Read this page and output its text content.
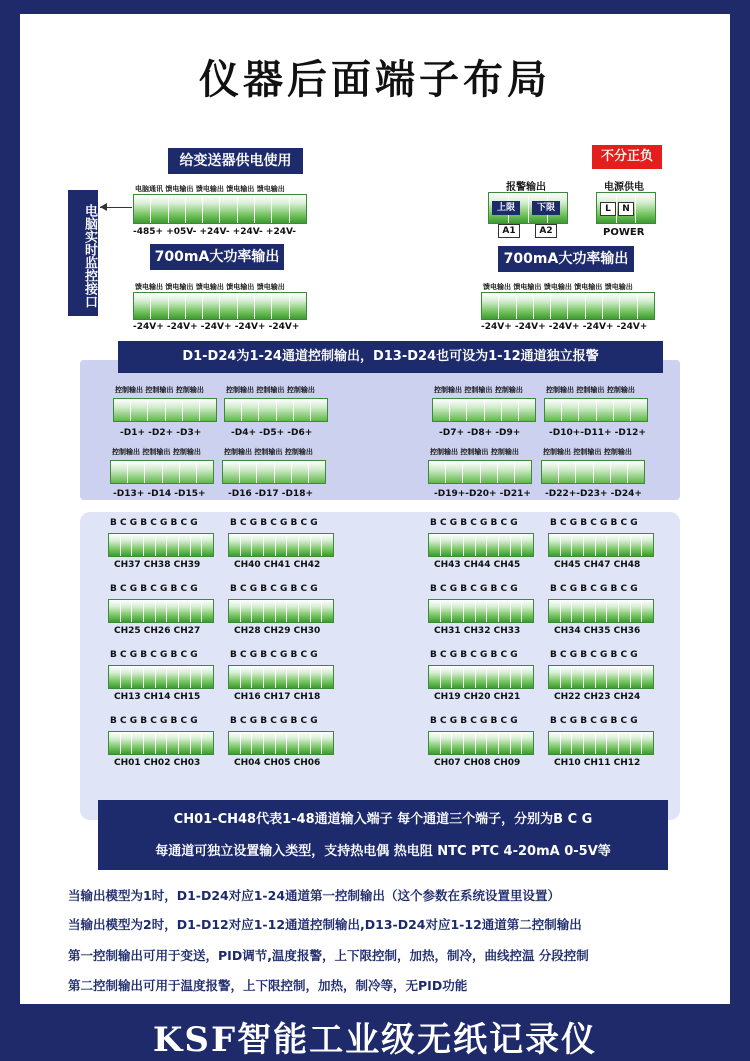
仪器后面端子布局
给变送器供电使用
电脑实时监控接口
电脑通讯 馈电输出 馈电输出 馈电输出 馈电输出
-485+ +05V- +24V- +24V- +24V-
700mA大功率输出
馈电输出 馈电输出 馈电输出 馈电输出 馈电输出
-24V+ -24V+ -24V+ -24V+ -24V+
不分正负
电源供电
L	N
POWER
报警输出
上限	下限
A1	A2
700mA大功率输出
馈电输出 馈电输出 馈电输出 馈电输出 馈电输出
-24V+ -24V+ -24V+ -24V+ -24V+
D1-D24为1-24通道控制输出，D13-D24也可设为1-12通道独立报警
控制输出 控制输出 控制输出
-D1+ -D2+ -D3+
控制输出 控制输出 控制输出
-D4+ -D5+ -D6+
控制输出 控制输出 控制输出
-D7+ -D8+ -D9+
控制输出 控制输出 控制输出
-D10+-D11+ -D12+
控制输出 控制输出 控制输出
-D13+ -D14 -D15+
控制输出 控制输出 控制输出
-D16 -D17 -D18+
控制输出 控制输出 控制输出
-D19+-D20+ -D21+
控制输出 控制输出 控制输出
-D22+-D23+ -D24+
B C G B C G B C G
CH37 CH38 CH39
B C G B C G B C G
CH40 CH41 CH42
B C G B C G B C G
CH43 CH44 CH45
B C G B C G B C G
CH45 CH47 CH48
B C G B C G B C G
CH25 CH26 CH27
B C G B C G B C G
CH28 CH29 CH30
B C G B C G B C G
CH31 CH32 CH33
B C G B C G B C G
CH34 CH35 CH36
B C G B C G B C G
CH13 CH14 CH15
B C G B C G B C G
CH16 CH17 CH18
B C G B C G B C G
CH19 CH20 CH21
B C G B C G B C G
CH22 CH23 CH24
B C G B C G B C G
CH01 CH02 CH03
B C G B C G B C G
CH04 CH05 CH06
B C G B C G B C G
CH07 CH08 CH09
B C G B C G B C G
CH10 CH11 CH12
CH01-CH48代表1-48通道输入端子 每个通道三个端子，分别为B C G
每通道可独立设置输入类型，支持热电偶 热电阻 NTC PTC 4-20mA 0-5V等
当输出模型为1时，D1-D24对应1-24通道第一控制输出（这个参数在系统设置里设置）
当输出模型为2时，D1-D12对应1-12通道控制输出,D13-D24对应1-12通道第二控制输出
第一控制输出可用于变送，PID调节,温度报警，上下限控制，加热，制冷，曲线控温 分段控制
第二控制输出可用于温度报警，上下限控制，加热，制冷等，无PID功能
KSF智能工业级无纸记录仪
